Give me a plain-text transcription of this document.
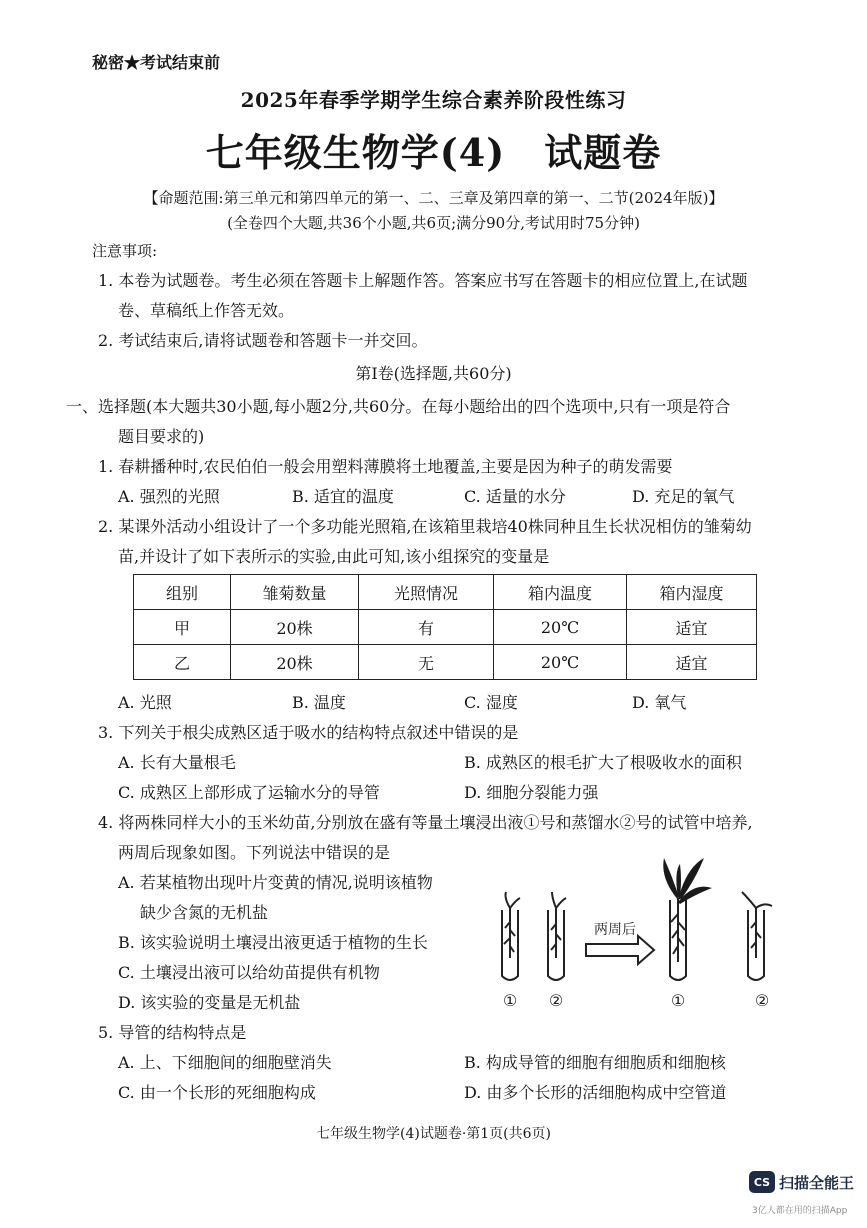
秘密★考试结束前
2025年春季学期学生综合素养阶段性练习
七年级生物学(4)　试题卷
【命题范围:第三单元和第四单元的第一、二、三章及第四章的第一、二节(2024年版)】
(全卷四个大题,共36个小题,共6页;满分90分,考试用时75分钟)
注意事项:
1. 本卷为试题卷。考生必须在答题卡上解题作答。答案应书写在答题卡的相应位置上,在试题
卷、草稿纸上作答无效。
2. 考试结束后,请将试题卷和答题卡一并交回。
第Ⅰ卷(选择题,共60分)
一、选择题(本大题共30小题,每小题2分,共60分。在每小题给出的四个选项中,只有一项是符合
题目要求的)
1. 春耕播种时,农民伯伯一般会用塑料薄膜将土地覆盖,主要是因为种子的萌发需要
A. 强烈的光照	B. 适宜的温度	C. 适量的水分	D. 充足的氧气
2. 某课外活动小组设计了一个多功能光照箱,在该箱里栽培40株同种且生长状况相仿的雏菊幼
苗,并设计了如下表所示的实验,由此可知,该小组探究的变量是
组别	雏菊数量	光照情况	箱内温度	箱内湿度
甲	20株	有	20℃	适宜
乙	20株	无	20℃	适宜
A. 光照	B. 温度	C. 湿度	D. 氧气
3. 下列关于根尖成熟区适于吸水的结构特点叙述中错误的是
A. 长有大量根毛	B. 成熟区的根毛扩大了根吸收水的面积
C. 成熟区上部形成了运输水分的导管	D. 细胞分裂能力强
4. 将两株同样大小的玉米幼苗,分别放在盛有等量土壤浸出液①号和蒸馏水②号的试管中培养,
两周后现象如图。下列说法中错误的是
A. 若某植物出现叶片变黄的情况,说明该植物
缺少含氮的无机盐
B. 该实验说明土壤浸出液更适于植物的生长
C. 土壤浸出液可以给幼苗提供有机物
D. 该实验的变量是无机盐
两周后
① ②	①	②
5. 导管的结构特点是
A. 上、下细胞间的细胞壁消失	B. 构成导管的细胞有细胞质和细胞核
C. 由一个长形的死细胞构成	D. 由多个长形的活细胞构成中空管道
七年级生物学(4)试题卷·第1页(共6页)
CS 扫描全能王
3亿人都在用的扫描App
